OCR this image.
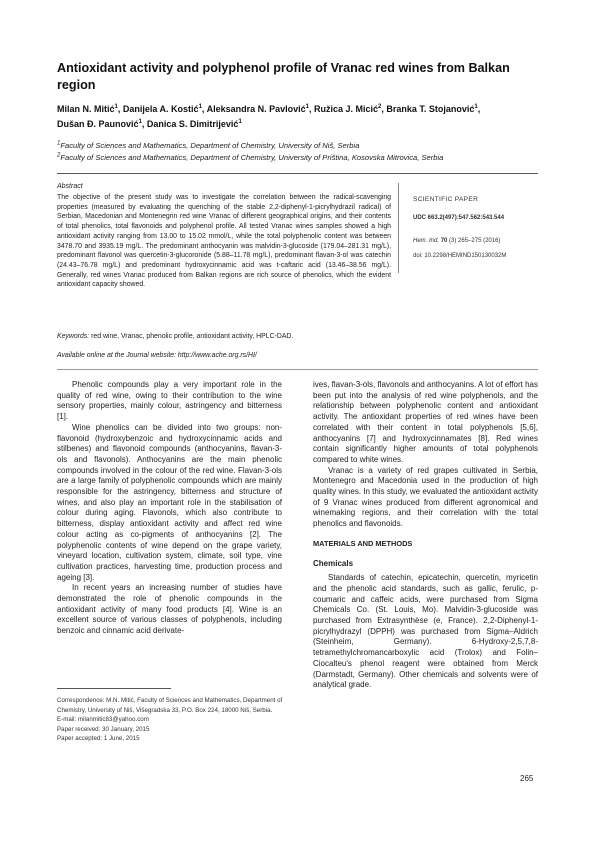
Antioxidant activity and polyphenol profile of Vranac red wines from Balkan region
Milan N. Mitić$^1$, Danijela A. Kostić$^1$, Aleksandra N. Pavlović$^1$, Ružica J. Micić$^2$, Branka T. Stojanović$^1$,
Dušan Đ. Paunović$^1$, Danica S. Dimitrijević$^1$
$^1$Faculty of Sciences and Mathematics, Department of Chemistry, University of Niš, Serbia
$^2$Faculty of Sciences and Mathematics, Department of Chemistry, University of Priština, Kosovska Mitrovica, Serbia
Abstract
The objective of the present study was to investigate the correlation between the radical-scavenging properties (measured by evaluating the quenching of the stable 2,2-diphenyl-1-picrylhydrazil radical) of Serbian, Macedonian and Montenegrin red wine Vranac of different geographical origins, and their contents of total phenolics, total flavonoids and polyphenol profile. All tested Vranac wines samples showed a high antioxidant activity ranging from 13.00 to 15.02 mmol/L, while the total polyphenolic content was between 3478.70 and 3935.19 mg/L. The predominant anthocyanin was malvidin-3-glucoside (179.04–281.31 mg/L), predominant flavonol was quercetin-3-glucoronide (5.88–11.78 mg/L), predominant flavan-3-ol was catechin (24.43–76.78 mg/L) and predominant hydroxycinnamic acid was t-caftaric acid (13.46–38.56 mg/L). Generally, red wines Vranac produced from Balkan regions are rich source of phenolics, which the evident antioxidant capacity showed.
SCIENTIFIC PAPER
UDC 663.2(497):547.562:543.544
Hem. Ind. 70 (3) 265–275 (2016)
doi: 10.2298/HEMIND150130032M
Keywords: red wine, Vranac, phenolic profile, antioxidant activity, HPLC-DAD.
Available online at the Journal website: http://www.ache.org.rs/HI/

Phenolic compounds play a very important role in the quality of red wine, owing to their contribution to the wine sensory properties, mainly colour, astringency and bitterness [1].

Wine phenolics can be divided into two groups: non-flavonoid (hydroxybenzoic and hydroxycinnamic acids and stilbenes) and flavonoid compounds (anthocyanins, flavan-3-ols and flavonols). Anthocyanins are the main phenolic compounds involved in the colour of the red wine. Flavan-3-ols are a large family of polyphenolic compounds which are mainly responsible for the astringency, bitterness and structure of wines, and also play an important role in the stabilisation of colour during aging. Flavonols, which also contribute to bitterness, display antioxidant activity and affect red wine colour acting as co-pigments of anthocyanins [2]. The polyphenolic contents of wine depend on the grape variety, vineyard location, cultivation system, climate, soil type, vine cultivation practices, harvesting time, production process and ageing [3].

In recent years an increasing number of studies have demonstrated the role of phenolic compounds in the antioxidant activity of many food products [4]. Wine is an excellent source of various classes of polyphenols, including benzoic and cinnamic acid derivate-

ives, flavan-3-ols, flavonols and anthocyanins. A lot of effort has been put into the analysis of red wine polyphenols, and the relationship between polyphenolic content and antioxidant activity. The antioxidant properties of red wines have been correlated with their content in total polyphenols [5,6], anthocyanins [7] and hydroxycinnamates [8]. Red wines contain significantly higher amounts of total polyphenols compared to white wines.

Vranac is a variety of red grapes cultivated in Serbia, Montenegro and Macedonia used in the production of high quality wines. In this study, we evaluated the antioxidant activity of 9 Vranac wines produced from different agronomical and winemaking regions, and their correlation with the total phenolics and flavonoids.

MATERIALS AND METHODS

Chemicals

Standards of catechin, epicatechin, quercetin, myricetin and the phenolic acid standards, such as gallic, ferulic, p-coumaric and caffeic acids, were purchased from Sigma Chemicals Co. (St. Louis, Mo). Malvidin-3-glucoside was purchased from Extrasynthèse (e, France). 2,2-Diphenyl-1-picrylhydrazyl (DPPH) was purchased from Sigma–Aldrich (Steinheim, Germany). 6-Hydroxy-2,5,7,8-tetramethylchromancarboxylic acid (Trolox) and Folin–Ciocalteu's phenol reagent were obtained from Merck (Darmstadt, Germany). Other chemicals and solvents were of analytical grade.

Correspondence: M.N. Mitić, Faculty of Sciences and Mathematics, Department of Chemistry, University of Niš, Višegradska 33, P.O. Box 224, 18000 Niš, Serbia.
E-mail: milanmitic83@yahoo.com
Paper received: 30 January, 2015
Paper accepted: 1 June, 2015
265
